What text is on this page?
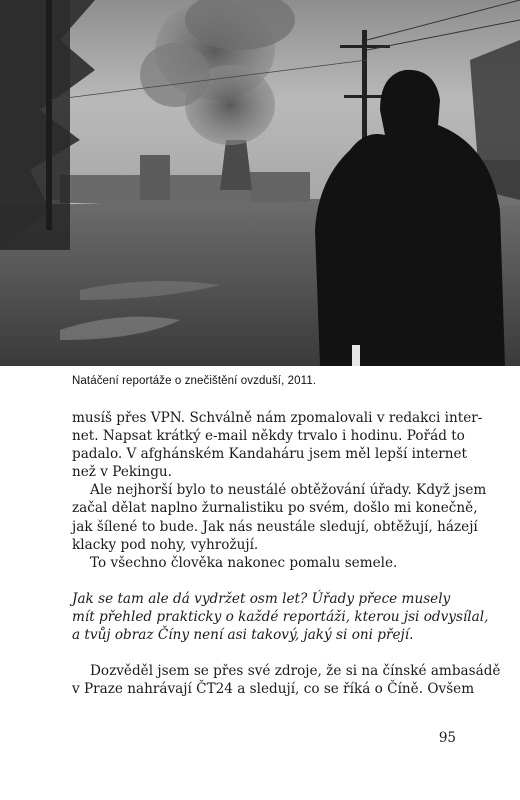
Natáčení reportáže o znečištění ovzduší, 2011.

musíš přes VPN. Schválně nám zpomalovali v redakci inter-
net. Napsat krátký e-mail někdy trvalo i hodinu. Pořád to
padalo. V afghánském Kandaháru jsem měl lepší internet
než v Pekingu.

Ale nejhorší bylo to neustálé obtěžování úřady. Když jsem
začal dělat naplno žurnalistiku po svém, došlo mi konečně,
jak šílené to bude. Jak nás neustále sledují, obtěžují, házejí
klacky pod nohy, vyhrožují.

To všechno člověka nakonec pomalu semele.

Jak se tam ale dá vydržet osm let? Úřady přece musely
mít přehled prakticky o každé reportáži, kterou jsi odvysílal,
a tvůj obraz Číny není asi takový, jaký si oni přejí.

Dozvěděl jsem se přes své zdroje, že si na čínské ambasádě
v Praze nahrávají ČT24 a sledují, co se říká o Číně. Ovšem

95
